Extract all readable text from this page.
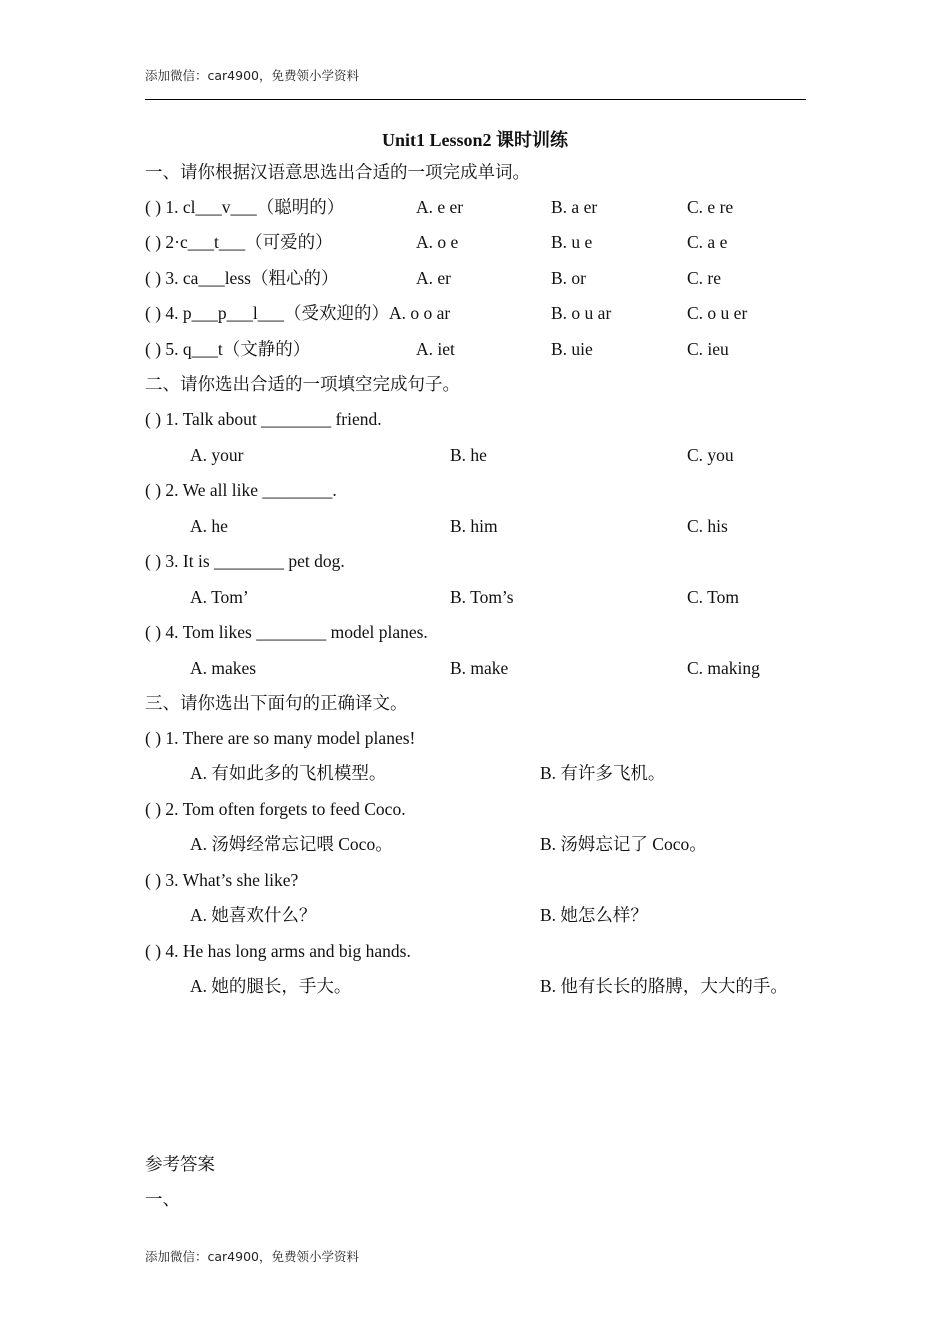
添加微信：car4900，免费领小学资料
Unit1 Lesson2 课时训练
一、请你根据汉语意思选出合适的一项完成单词。
( ) 1. cl___v___（聪明的）	A. e er	B. a er	C. e re
( ) 2·c___t___（可爱的）	A. o e	B. u e	C. a e
( ) 3. ca___less（粗心的）	A. er	B. or	C. re
( ) 4. p___p___l___（受欢迎的）A. o o ar	B. o u ar	C. o u er
( ) 5. q___t（文静的）	A. iet	B. uie	C. ieu
二、请你选出合适的一项填空完成句子。
( ) 1. Talk about ________ friend.
A. your	B. he	C. you
( ) 2. We all like ________.
A. he	B. him	C. his
( ) 3. It is ________ pet dog.
A. Tom’	B. Tom’s	C. Tom
( ) 4. Tom likes ________ model planes.
A. makes	B. make	C. making
三、请你选出下面句的正确译文。
( ) 1. There are so many model planes!
A. 有如此多的飞机模型。	B. 有许多飞机。
( ) 2. Tom often forgets to feed Coco.
A. 汤姆经常忘记喂 Coco。	B. 汤姆忘记了 Coco。
( ) 3. What’s she like?
A. 她喜欢什么？	B. 她怎么样？
( ) 4. He has long arms and big hands.
A. 她的腿长，手大。	B. 他有长长的胳膊，大大的手。
参考答案
一、
添加微信：car4900，免费领小学资料
